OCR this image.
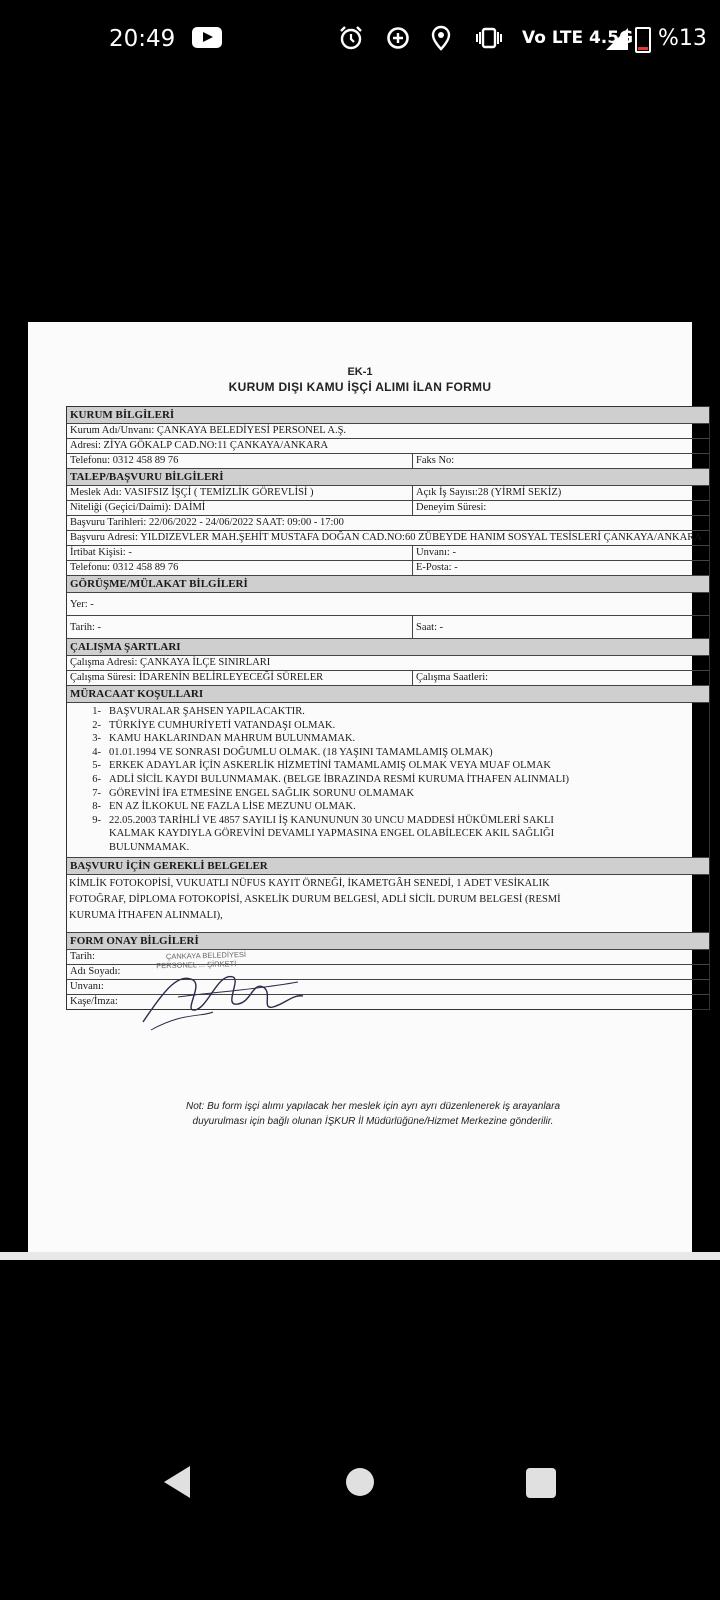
20:49	Vo LTE 4.5G %13
EK-1
KURUM DIŞI KAMU İŞÇİ ALIMI İLAN FORMU
KURUM BİLGİLERİ
Kurum Adı/Unvanı: ÇANKAYA BELEDİYESİ PERSONEL A.Ş.
Adresi: ZİYA GÖKALP CAD.NO:11 ÇANKAYA/ANKARA
Telefonu: 0312 458 89 76	Faks No:
TALEP/BAŞVURU BİLGİLERİ
Meslek Adı: VASIFSIZ İŞÇİ ( TEMİZLİK GÖREVLİSİ )	Açık İş Sayısı:28 (YİRMİ SEKİZ)
Niteliği (Geçici/Daimi): DAİMİ	Deneyim Süresi:
Başvuru Tarihleri: 22/06/2022 - 24/06/2022 SAAT: 09:00 - 17:00
Başvuru Adresi: YILDIZEVLER MAH.ŞEHİT MUSTAFA DOĞAN CAD.NO:60 ZÜBEYDE HANIM SOSYAL TESİSLERİ ÇANKAYA/ANKARA
İrtibat Kişisi: -	Unvanı: -
Telefonu: 0312 458 89 76	E-Posta: -
GÖRÜŞME/MÜLAKAT BİLGİLERİ
Yer: -
Tarih: -	Saat: -
ÇALIŞMA ŞARTLARI
Çalışma Adresi: ÇANKAYA İLÇE SINIRLARI
Çalışma Süresi: İDARENİN BELİRLEYECEĞİ SÜRELER	Çalışma Saatleri:
MÜRACAAT KOŞULLARI
1- BAŞVURALAR ŞAHSEN YAPILACAKTIR.
2- TÜRKİYE CUMHURİYETİ VATANDAŞI OLMAK.
3- KAMU HAKLARINDAN MAHRUM BULUNMAMAK.
4- 01.01.1994 VE SONRASI DOĞUMLU OLMAK. (18 YAŞINI TAMAMLAMIŞ OLMAK)
5- ERKEK ADAYLAR İÇİN ASKERLİK HİZMETİNİ TAMAMLAMIŞ OLMAK VEYA MUAF OLMAK
6- ADLİ SİCİL KAYDI BULUNMAMAK. (BELGE İBRAZINDA RESMİ KURUMA İTHAFEN ALINMALI)
7- GÖREVİNİ İFA ETMESİNE ENGEL SAĞLIK SORUNU OLMAMAK
8- EN AZ İLKOKUL NE FAZLA LİSE MEZUNU OLMAK.
9- 22.05.2003 TARİHLİ VE 4857 SAYILI İŞ KANUNUNUN 30 UNCU MADDESİ HÜKÜMLERİ SAKLI
KALMAK KAYDIYLA GÖREVİNİ DEVAMLI YAPMASINA ENGEL OLABİLECEK AKIL SAĞLIĞI
BULUNMAMAK.
BAŞVURU İÇİN GEREKLİ BELGELER
KİMLİK FOTOKOPİSİ, VUKUATLI NÜFUS KAYIT ÖRNEĞİ, İKAMETGÂH SENEDİ, 1 ADET VESİKALIK
FOTOĞRAF, DİPLOMA FOTOKOPİSİ, ASKELİK DURUM BELGESİ, ADLİ SİCİL DURUM BELGESİ (RESMİ
KURUMA İTHAFEN ALINMALI),
FORM ONAY BİLGİLERİ
Tarih:
Adı Soyadı:
Unvanı:
Kaşe/İmza:
ÇANKAYA BELEDİYESİ
PERSONEL ... ŞİRKETİ
Not: Bu form işçi alımı yapılacak her meslek için ayrı ayrı düzenlenerek iş arayanlara
duyurulması için bağlı olunan İŞKUR İl Müdürlüğüne/Hizmet Merkezine gönderilir.
